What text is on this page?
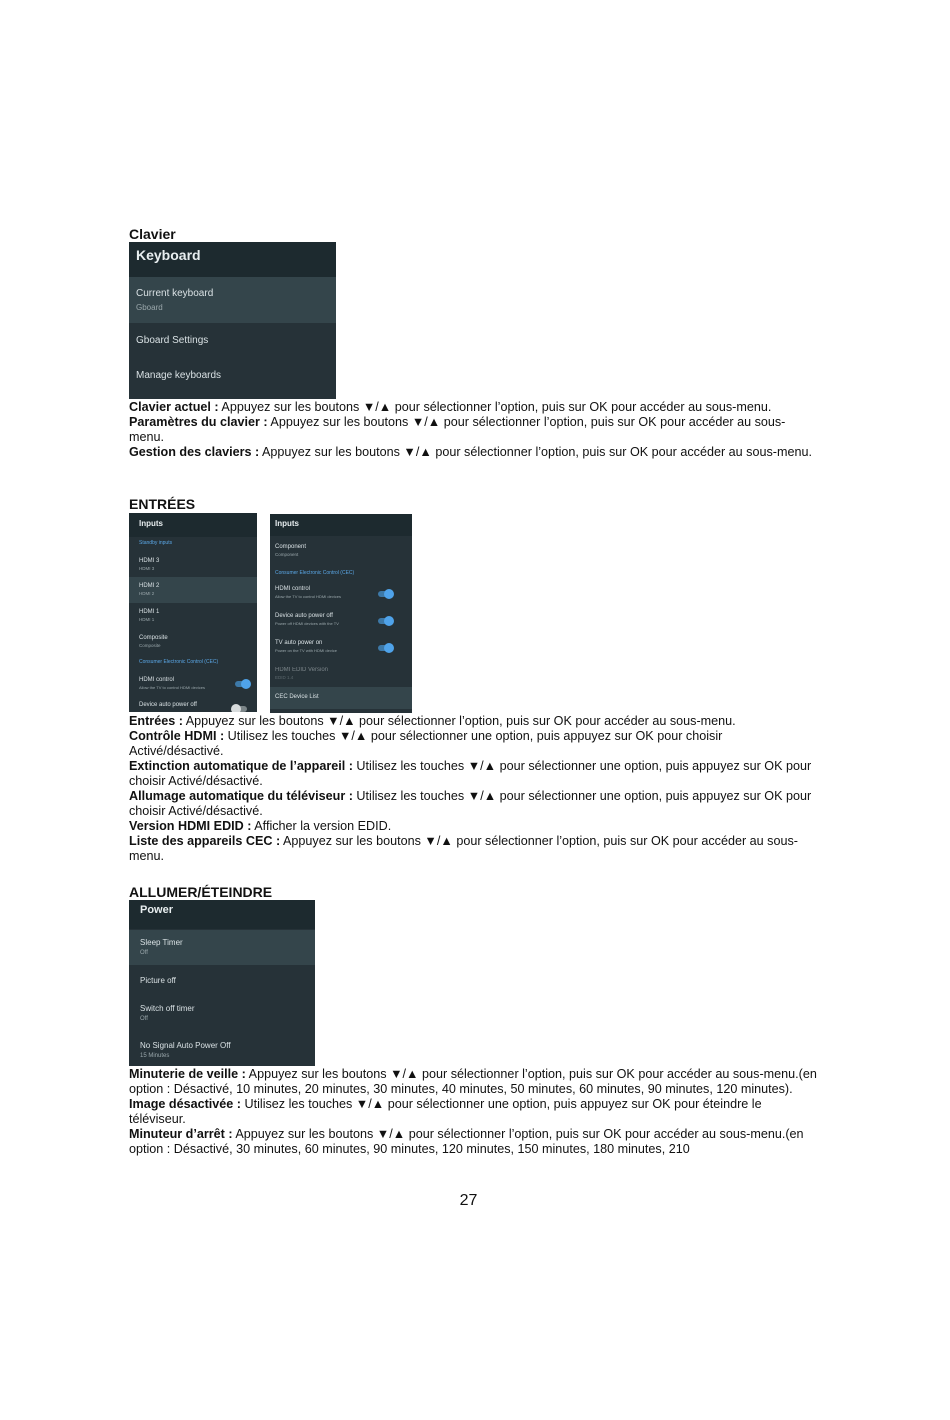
Clavier
Keyboard
Current keyboard
Gboard
Gboard Settings
Manage keyboards

Clavier actuel : Appuyez sur les boutons ▼/▲ pour sélectionner l’option, puis sur OK pour accéder au sous-menu.

Paramètres du clavier : Appuyez sur les boutons ▼/▲ pour sélectionner l’option, puis sur OK pour accéder au sous-menu.

Gestion des claviers : Appuyez sur les boutons ▼/▲ pour sélectionner l’option, puis sur OK pour accéder au sous-menu.

ENTRÉES
Inputs
Standby inputs
HDMI 3
HDMI 3
HDMI 2
HDMI 2
HDMI 1
HDMI 1
Composite
Composite
Consumer Electronic Control (CEC)
HDMI control
Allow the TV to control HDMI devices
Device auto power off
Inputs
Component
Component
Consumer Electronic Control (CEC)
HDMI control
Allow the TV to control HDMI devices
Device auto power off
Power off HDMI devices with the TV
TV auto power on
Power on the TV with HDMI device
HDMI EDID Version
EDID 1.4
CEC Device List

Entrées : Appuyez sur les boutons ▼/▲ pour sélectionner l’option, puis sur OK pour accéder au sous-menu.

Contrôle HDMI : Utilisez les touches ▼/▲ pour sélectionner une option, puis appuyez sur OK pour choisir Activé/désactivé.

Extinction automatique de l’appareil : Utilisez les touches ▼/▲ pour sélectionner une option, puis appuyez sur OK pour choisir Activé/désactivé.

Allumage automatique du téléviseur : Utilisez les touches ▼/▲ pour sélectionner une option, puis appuyez sur OK pour choisir Activé/désactivé.

Version HDMI EDID : Afficher la version EDID.

Liste des appareils CEC : Appuyez sur les boutons ▼/▲ pour sélectionner l’option, puis sur OK pour accéder au sous-menu.

ALLUMER/ÉTEINDRE
Power
Sleep Timer
Off
Picture off
Switch off timer
Off
No Signal Auto Power Off
15 Minutes

Minuterie de veille : Appuyez sur les boutons ▼/▲ pour sélectionner l’option, puis sur OK pour accéder au sous-menu.(en option : Désactivé, 10 minutes, 20 minutes, 30 minutes, 40 minutes, 50 minutes, 60 minutes, 90 minutes, 120 minutes).

Image désactivée : Utilisez les touches ▼/▲ pour sélectionner une option, puis appuyez sur OK pour éteindre le téléviseur.

Minuteur d’arrêt : Appuyez sur les boutons ▼/▲ pour sélectionner l’option, puis sur OK pour accéder au sous-menu.(en option : Désactivé, 30 minutes, 60 minutes, 90 minutes, 120 minutes, 150 minutes, 180 minutes, 210

27
